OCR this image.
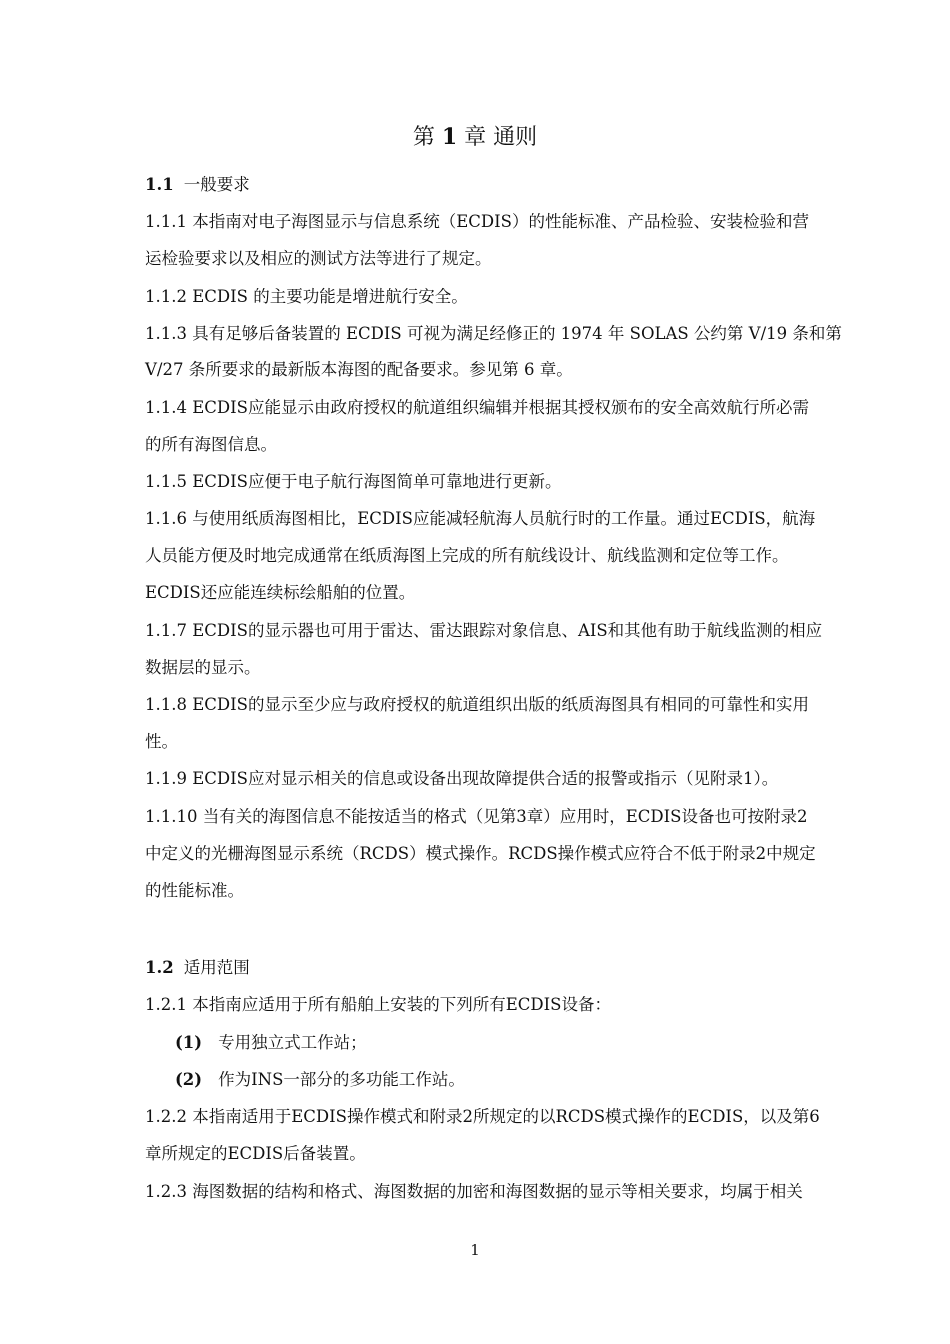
第 1 章 通则
1.1 一般要求
1.1.1 本指南对电子海图显示与信息系统（ECDIS）的性能标准、产品检验、安装检验和营
运检验要求以及相应的测试方法等进行了规定。
1.1.2 ECDIS 的主要功能是增进航行安全。
1.1.3 具有足够后备装置的 ECDIS 可视为满足经修正的 1974 年 SOLAS 公约第 V/19 条和第
V/27 条所要求的最新版本海图的配备要求。参见第 6 章。
1.1.4 ECDIS应能显示由政府授权的航道组织编辑并根据其授权颁布的安全高效航行所必需
的所有海图信息。
1.1.5 ECDIS应便于电子航行海图简单可靠地进行更新。
1.1.6 与使用纸质海图相比，ECDIS应能减轻航海人员航行时的工作量。通过ECDIS，航海
人员能方便及时地完成通常在纸质海图上完成的所有航线设计、航线监测和定位等工作。
ECDIS还应能连续标绘船舶的位置。
1.1.7 ECDIS的显示器也可用于雷达、雷达跟踪对象信息、AIS和其他有助于航线监测的相应
数据层的显示。
1.1.8 ECDIS的显示至少应与政府授权的航道组织出版的纸质海图具有相同的可靠性和实用
性。
1.1.9 ECDIS应对显示相关的信息或设备出现故障提供合适的报警或指示（见附录1）。
1.1.10 当有关的海图信息不能按适当的格式（见第3章）应用时，ECDIS设备也可按附录2
中定义的光栅海图显示系统（RCDS）模式操作。RCDS操作模式应符合不低于附录2中规定
的性能标准。
1.2 适用范围
1.2.1 本指南应适用于所有船舶上安装的下列所有ECDIS设备：
(1) 专用独立式工作站；
(2) 作为INS一部分的多功能工作站。
1.2.2 本指南适用于ECDIS操作模式和附录2所规定的以RCDS模式操作的ECDIS，以及第6
章所规定的ECDIS后备装置。
1.2.3 海图数据的结构和格式、海图数据的加密和海图数据的显示等相关要求，均属于相关
1
